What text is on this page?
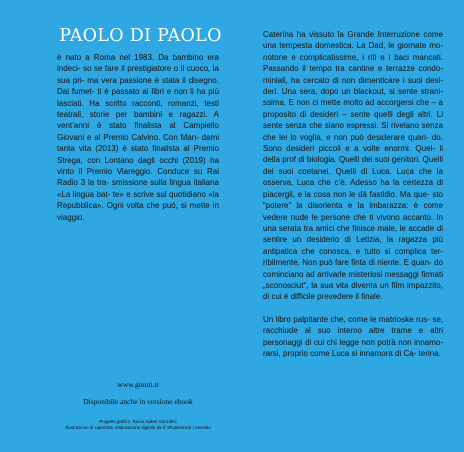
PAOLO DI PAOLO

è nato a Roma nel 1983. Da bambino era indeci- so se fare il prestigiatore o il cuoco, la sua pri- ma vera passione è stata il disegno. Dai fumet- ti è passato ai libri e non li ha più lasciati. Ha scritto racconti, romanzi, testi teatrali, storie per bambini e ragazzi. A vent’anni è stato finalista al Campiello Giovani e al Premio Calvino. Con Man- dami tanta vita (2013) è stato finalista al Premio Strega, con Lontano dagli occhi (2019) ha vinto il Premio Viareggio. Conduce su Rai Radio 3 la tra- smissione sulla lingua italiana «La lingua bat- te» e scrive sul quotidiano «la Repubblica». Ogni volta che può, si mette in viaggio.

www.giunti.it

Disponibile anche in versione ebook

Progetto grafico: Rocío Isabel González

Illustrazione di copertina: elaborazione digitale da © Shutterstock / amesbo

Caterina ha vissuto la Grande Interruzione come una tempesta domestica. La Dad, le giornate mo- notone e complicatissime, i riti e i baci mancati. Passando il tempo tra cantine e terrazze condo- miniali, ha cercato di non dimenticare i suoi desi- deri. Una sera, dopo un blackout, si sente strani- ssima. E non ci mette molto ad accorgersi che – a proposito di desideri – sente quelli degli altri. Li sente senza che siano espressi. Si rivelano senza che lei lo voglia, e non può desiderare quan- do. Sono desideri piccoli e a volte enormi. Quel- li della prof di biologia. Quelli dei suoi genitori. Quelli dei suoi coetanei. Quelli di Luca. Luca che la osserva, Luca che c’è. Adesso ha la certezza di piacergli, e la cosa non le dà fastidio. Ma que- sto “potere” la disorienta e la imbarazza: è come vedere nude le persone che ti vivono accanto. In una serata tra amici che finisce male, le accade di sentire un desiderio di Letizia, la ragazza più antipatica che conosca, e tutto si complica ter- ribilmente. Non può fare finta di niente. E quan- do cominciano ad arrivarle misteriosi messaggi firmati „sconosciut“, la sua vita diventa un film impazzito, di cui è difficile prevedere il finale.

Un libro palpitante che, come le matrioske rus- se, racchiude al suo interno altre trame e altri personaggi di cui chi legge non potrà non innamo- rarsi, proprio come Luca si innamora di Ca- terina.
